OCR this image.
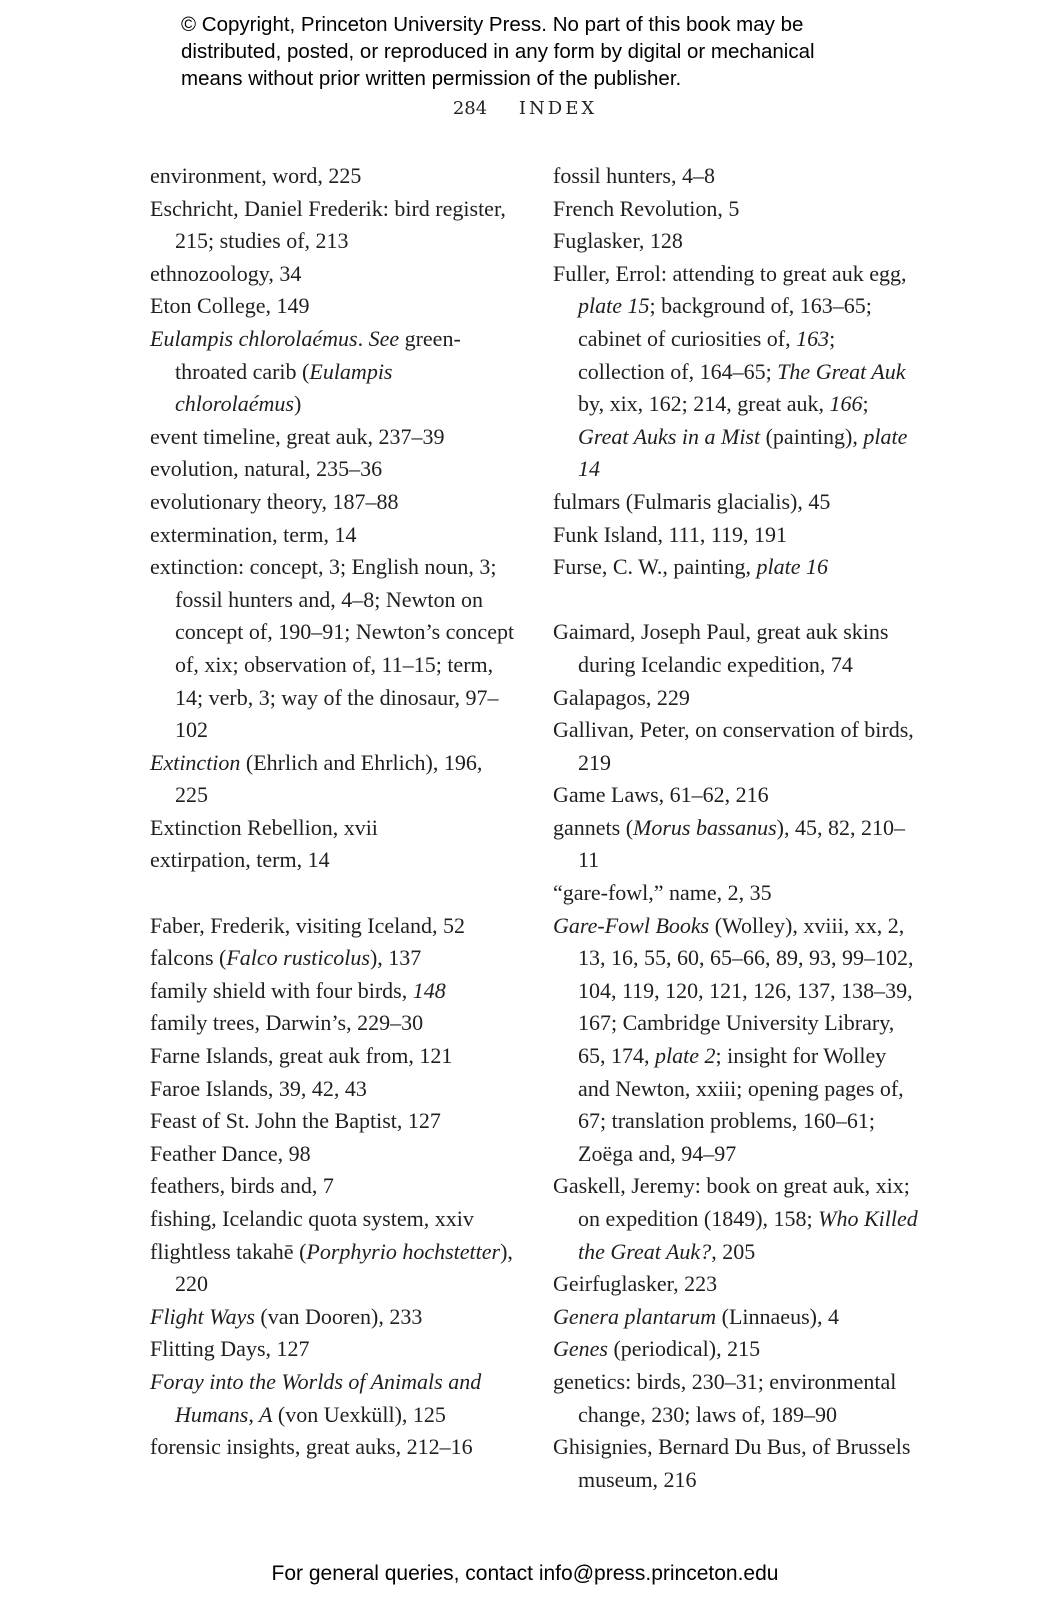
© Copyright, Princeton University Press. No part of this book may be
distributed, posted, or reproduced in any form by digital or mechanical
means without prior written permission of the publisher.
284 INDEX
environment, word, 225
Eschricht, Daniel Frederik: bird register, 215; studies of, 213
ethnozoology, 34
Eton College, 149
Eulampis chlorolaémus. See green-throated carib (Eulampis chlorolaémus)
event timeline, great auk, 237–39
evolution, natural, 235–36
evolutionary theory, 187–88
extermination, term, 14
extinction: concept, 3; English noun, 3; fossil hunters and, 4–8; Newton on concept of, 190–91; Newton’s concept of, xix; observation of, 11–15; term, 14; verb, 3; way of the dinosaur, 97–102
Extinction (Ehrlich and Ehrlich), 196, 225
Extinction Rebellion, xvii
extirpation, term, 14
Faber, Frederik, visiting Iceland, 52
falcons (Falco rusticolus), 137
family shield with four birds, 148
family trees, Darwin’s, 229–30
Farne Islands, great auk from, 121
Faroe Islands, 39, 42, 43
Feast of St. John the Baptist, 127
Feather Dance, 98
feathers, birds and, 7
fishing, Icelandic quota system, xxiv
flightless takahē (Porphyrio hochstetter), 220
Flight Ways (van Dooren), 233
Flitting Days, 127
Foray into the Worlds of Animals and Humans, A (von Uexküll), 125
forensic insights, great auks, 212–16
fossil hunters, 4–8
French Revolution, 5
Fuglasker, 128
Fuller, Errol: attending to great auk egg, plate 15; background of, 163–65; cabinet of curiosities of, 163; collection of, 164–65; The Great Auk by, xix, 162; 214, great auk, 166; Great Auks in a Mist (painting), plate 14
fulmars (Fulmaris glacialis), 45
Funk Island, 111, 119, 191
Furse, C. W., painting, plate 16
Gaimard, Joseph Paul, great auk skins during Icelandic expedition, 74
Galapagos, 229
Gallivan, Peter, on conservation of birds, 219
Game Laws, 61–62, 216
gannets (Morus bassanus), 45, 82, 210–11
“gare-fowl,” name, 2, 35
Gare-Fowl Books (Wolley), xviii, xx, 2, 13, 16, 55, 60, 65–66, 89, 93, 99–102, 104, 119, 120, 121, 126, 137, 138–39, 167; Cambridge University Library, 65, 174, plate 2; insight for Wolley and Newton, xxiii; opening pages of, 67; translation problems, 160–61; Zoëga and, 94–97
Gaskell, Jeremy: book on great auk, xix; on expedition (1849), 158; Who Killed the Great Auk?, 205
Geirfuglasker, 223
Genera plantarum (Linnaeus), 4
Genes (periodical), 215
genetics: birds, 230–31; environmental change, 230; laws of, 189–90
Ghisignies, Bernard Du Bus, of Brussels museum, 216
For general queries, contact info@press.princeton.edu
